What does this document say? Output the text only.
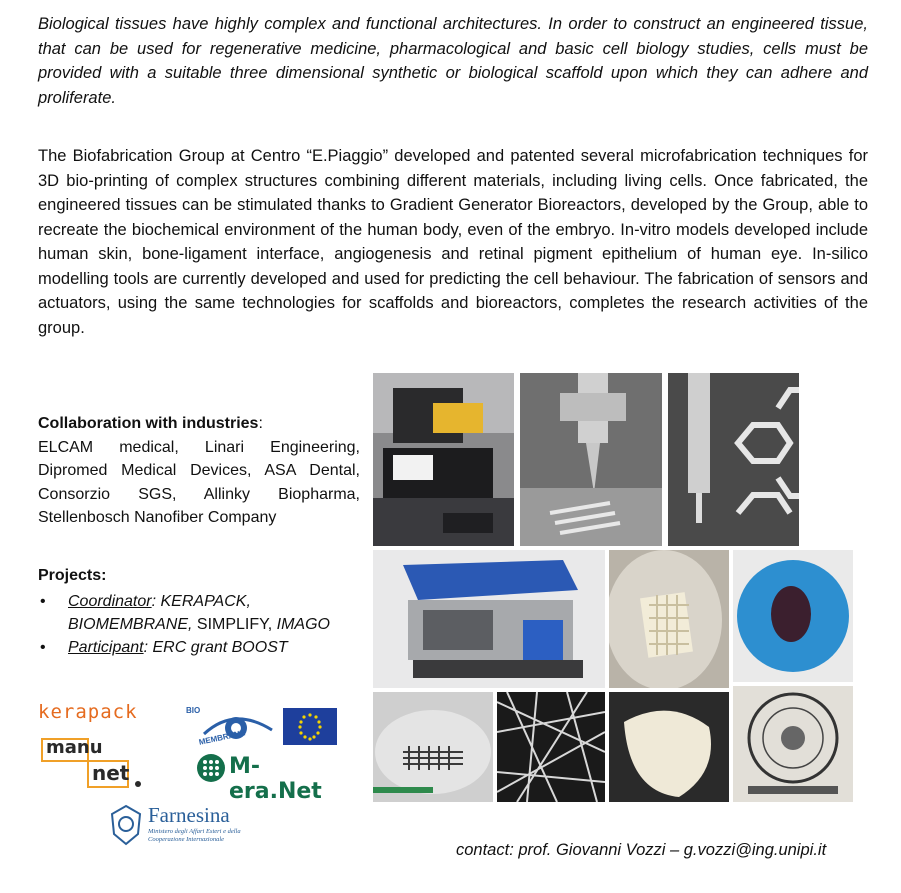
Biological tissues have highly complex and functional architectures. In order to construct an engineered tissue, that can be used for regenerative medicine, pharmacological and basic cell biology studies, cells must be provided with a suitable three dimensional synthetic or biological scaffold upon which they can adhere and proliferate.
The Biofabrication Group at Centro “E.Piaggio” developed and patented several microfabrication techniques for 3D bio-printing of complex structures combining different materials, including living cells. Once fabricated, the engineered tissues can be stimulated thanks to Gradient Generator Bioreactors, developed by the Group, able to recreate the biochemical environment of the human body, even of the embryo. In-vitro models developed include human skin, bone-ligament interface, angiogenesis and retinal pigment epithelium of human eye. In-silico modelling tools are currently developed and used for predicting the cell behaviour. The fabrication of sensors and actuators, using the same technologies for scaffolds and bioreactors, completes the research activities of the group.
Collaboration with industries:
ELCAM medical, Linari Engineering, Dipromed Medical Devices, ASA Dental, Consorzio SGS, Allinky Biopharma, Stellenbosch Nanofiber Company
Projects:
• Coordinator: KERAPACK, BIOMEMBRANE, SIMPLIFY, IMAGO
• Participant: ERC grant BOOST
kerapack
manu
net
BIO
MEMBRANE
M-era.Net
Farnesina
Ministero degli Affari Esteri e della Cooperazione Internazionale
contact: prof. Giovanni Vozzi – g.vozzi@ing.unipi.it
